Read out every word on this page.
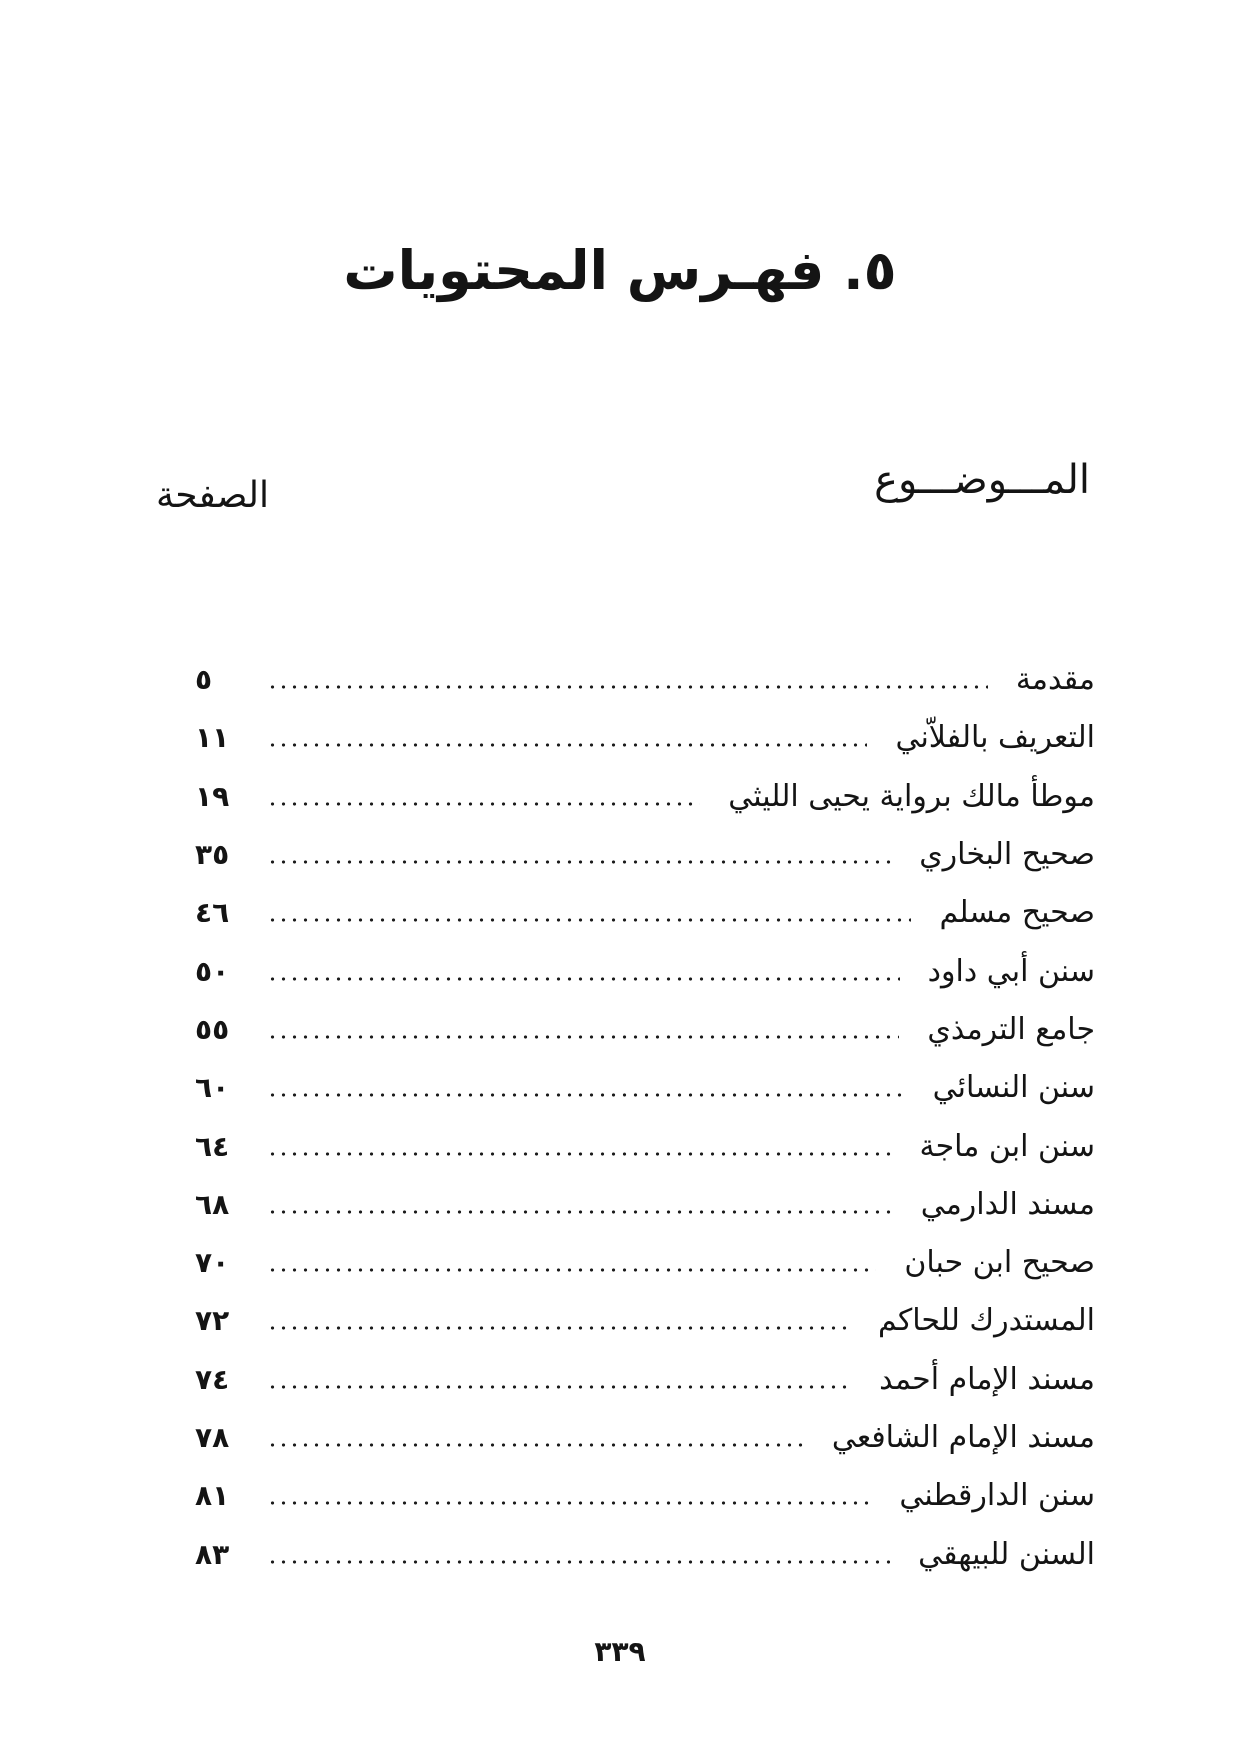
٥. فهـرس المحتويات
المـــوضـــوع
الصفحة
مقدمة
٥
التعريف بالفلاّني
١١
موطأ مالك برواية يحيى الليثي
١٩
صحيح البخاري
٣٥
صحيح مسلم
٤٦
سنن أبي داود
٥٠
جامع الترمذي
٥٥
سنن النسائي
٦٠
سنن ابن ماجة
٦٤
مسند الدارمي
٦٨
صحيح ابن حبان
٧٠
المستدرك للحاكم
٧٢
مسند الإمام أحمد
٧٤
مسند الإمام الشافعي
٧٨
سنن الدارقطني
٨١
السنن للبيهقي
٨٣
٣٣٩
